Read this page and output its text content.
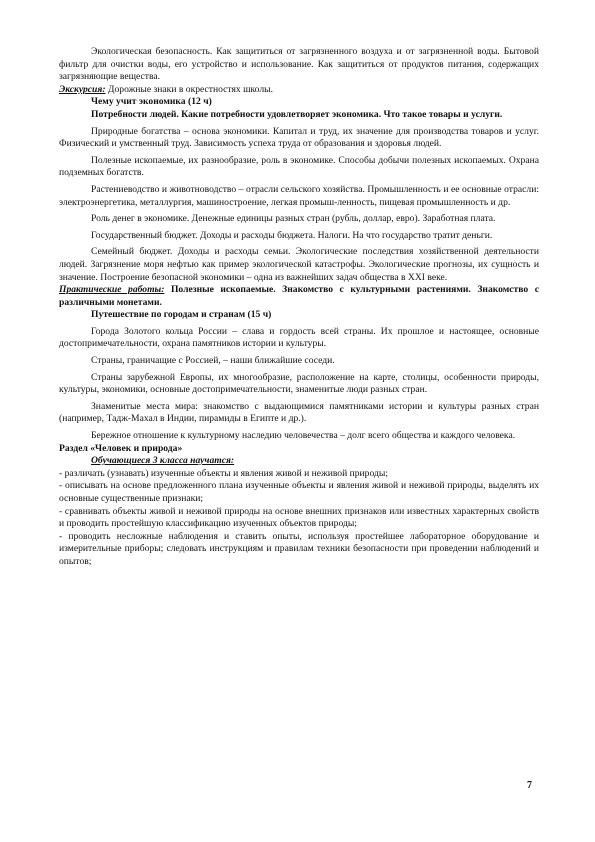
Экологическая безопасность. Как защититься от загрязненного воздуха и от загрязненной воды. Бытовой фильтр для очистки воды, его устройство и использование. Как защититься от продуктов питания, содержащих загрязняющие вещества.

Экскурсия: Дорожные знаки в окрестностях школы.

Чему учит экономика (12 ч)

Потребности людей. Какие потребности удовлетворяет экономика. Что такое товары и услуги.

Природные богатства – основа экономики. Капитал и труд, их значение для производства товаров и услуг. Физический и умственный труд. Зависимость успеха труда от образования и здоровья людей.

Полезные ископаемые, их разнообразие, роль в экономике. Способы добычи полезных ископаемых. Охрана подземных богатств.

Растениеводство и животноводство – отрасли сельского хозяйства. Промышленность и ее основные отрасли: электроэнергетика, металлургия, машиностроение, легкая промыш-ленность, пищевая промышленность и др.

Роль денег в экономике. Денежные единицы разных стран (рубль, доллар, евро). Заработная плата.

Государственный бюджет. Доходы и расходы бюджета. Налоги. На что государство тратит деньги.

Семейный бюджет. Доходы и расходы семьи. Экологические последствия хозяйственной деятельности людей. Загрязнение моря нефтью как пример экологической катастрофы. Экологические прогнозы, их сущность и значение. Построение безопасной экономики – одна из важнейших задач общества в XXI веке.

Практические работы: Полезные ископаемые. Знакомство с культурными растениями. Знакомство с различными монетами.

Путешествие по городам и странам (15 ч)

Города Золотого кольца России – слава и гордость всей страны. Их прошлое и настоящее, основные достопримечательности, охрана памятников истории и культуры.

Страны, граничащие с Россией, – наши ближайшие соседи.

Страны зарубежной Европы, их многообразие, расположение на карте, столицы, особенности природы, культуры, экономики, основные достопримечательности, знаменитые люди разных стран.

Знаменитые места мира: знакомство с выдающимися памятниками истории и культуры разных стран (например, Тадж-Махал в Индии, пирамиды в Египте и др.).

Бережное отношение к культурному наследию человечества – долг всего общества и каждого человека.

Раздел «Человек и природа»

Обучающиеся 3 класса научатся:

- различать (узнавать) изученные объекты и явления живой и неживой природы;

- описывать на основе предложенного плана изученные объекты и явления живой и неживой природы, выделять их основные существенные признаки;

- сравнивать объекты живой и неживой природы на основе внешних признаков или известных характерных свойств и проводить простейшую классификацию изученных объектов природы;

- проводить несложные наблюдения и ставить опыты, используя простейшее лабораторное оборудование и измерительные приборы; следовать инструкциям и правилам техники безопасности при проведении наблюдений и опытов;

7
